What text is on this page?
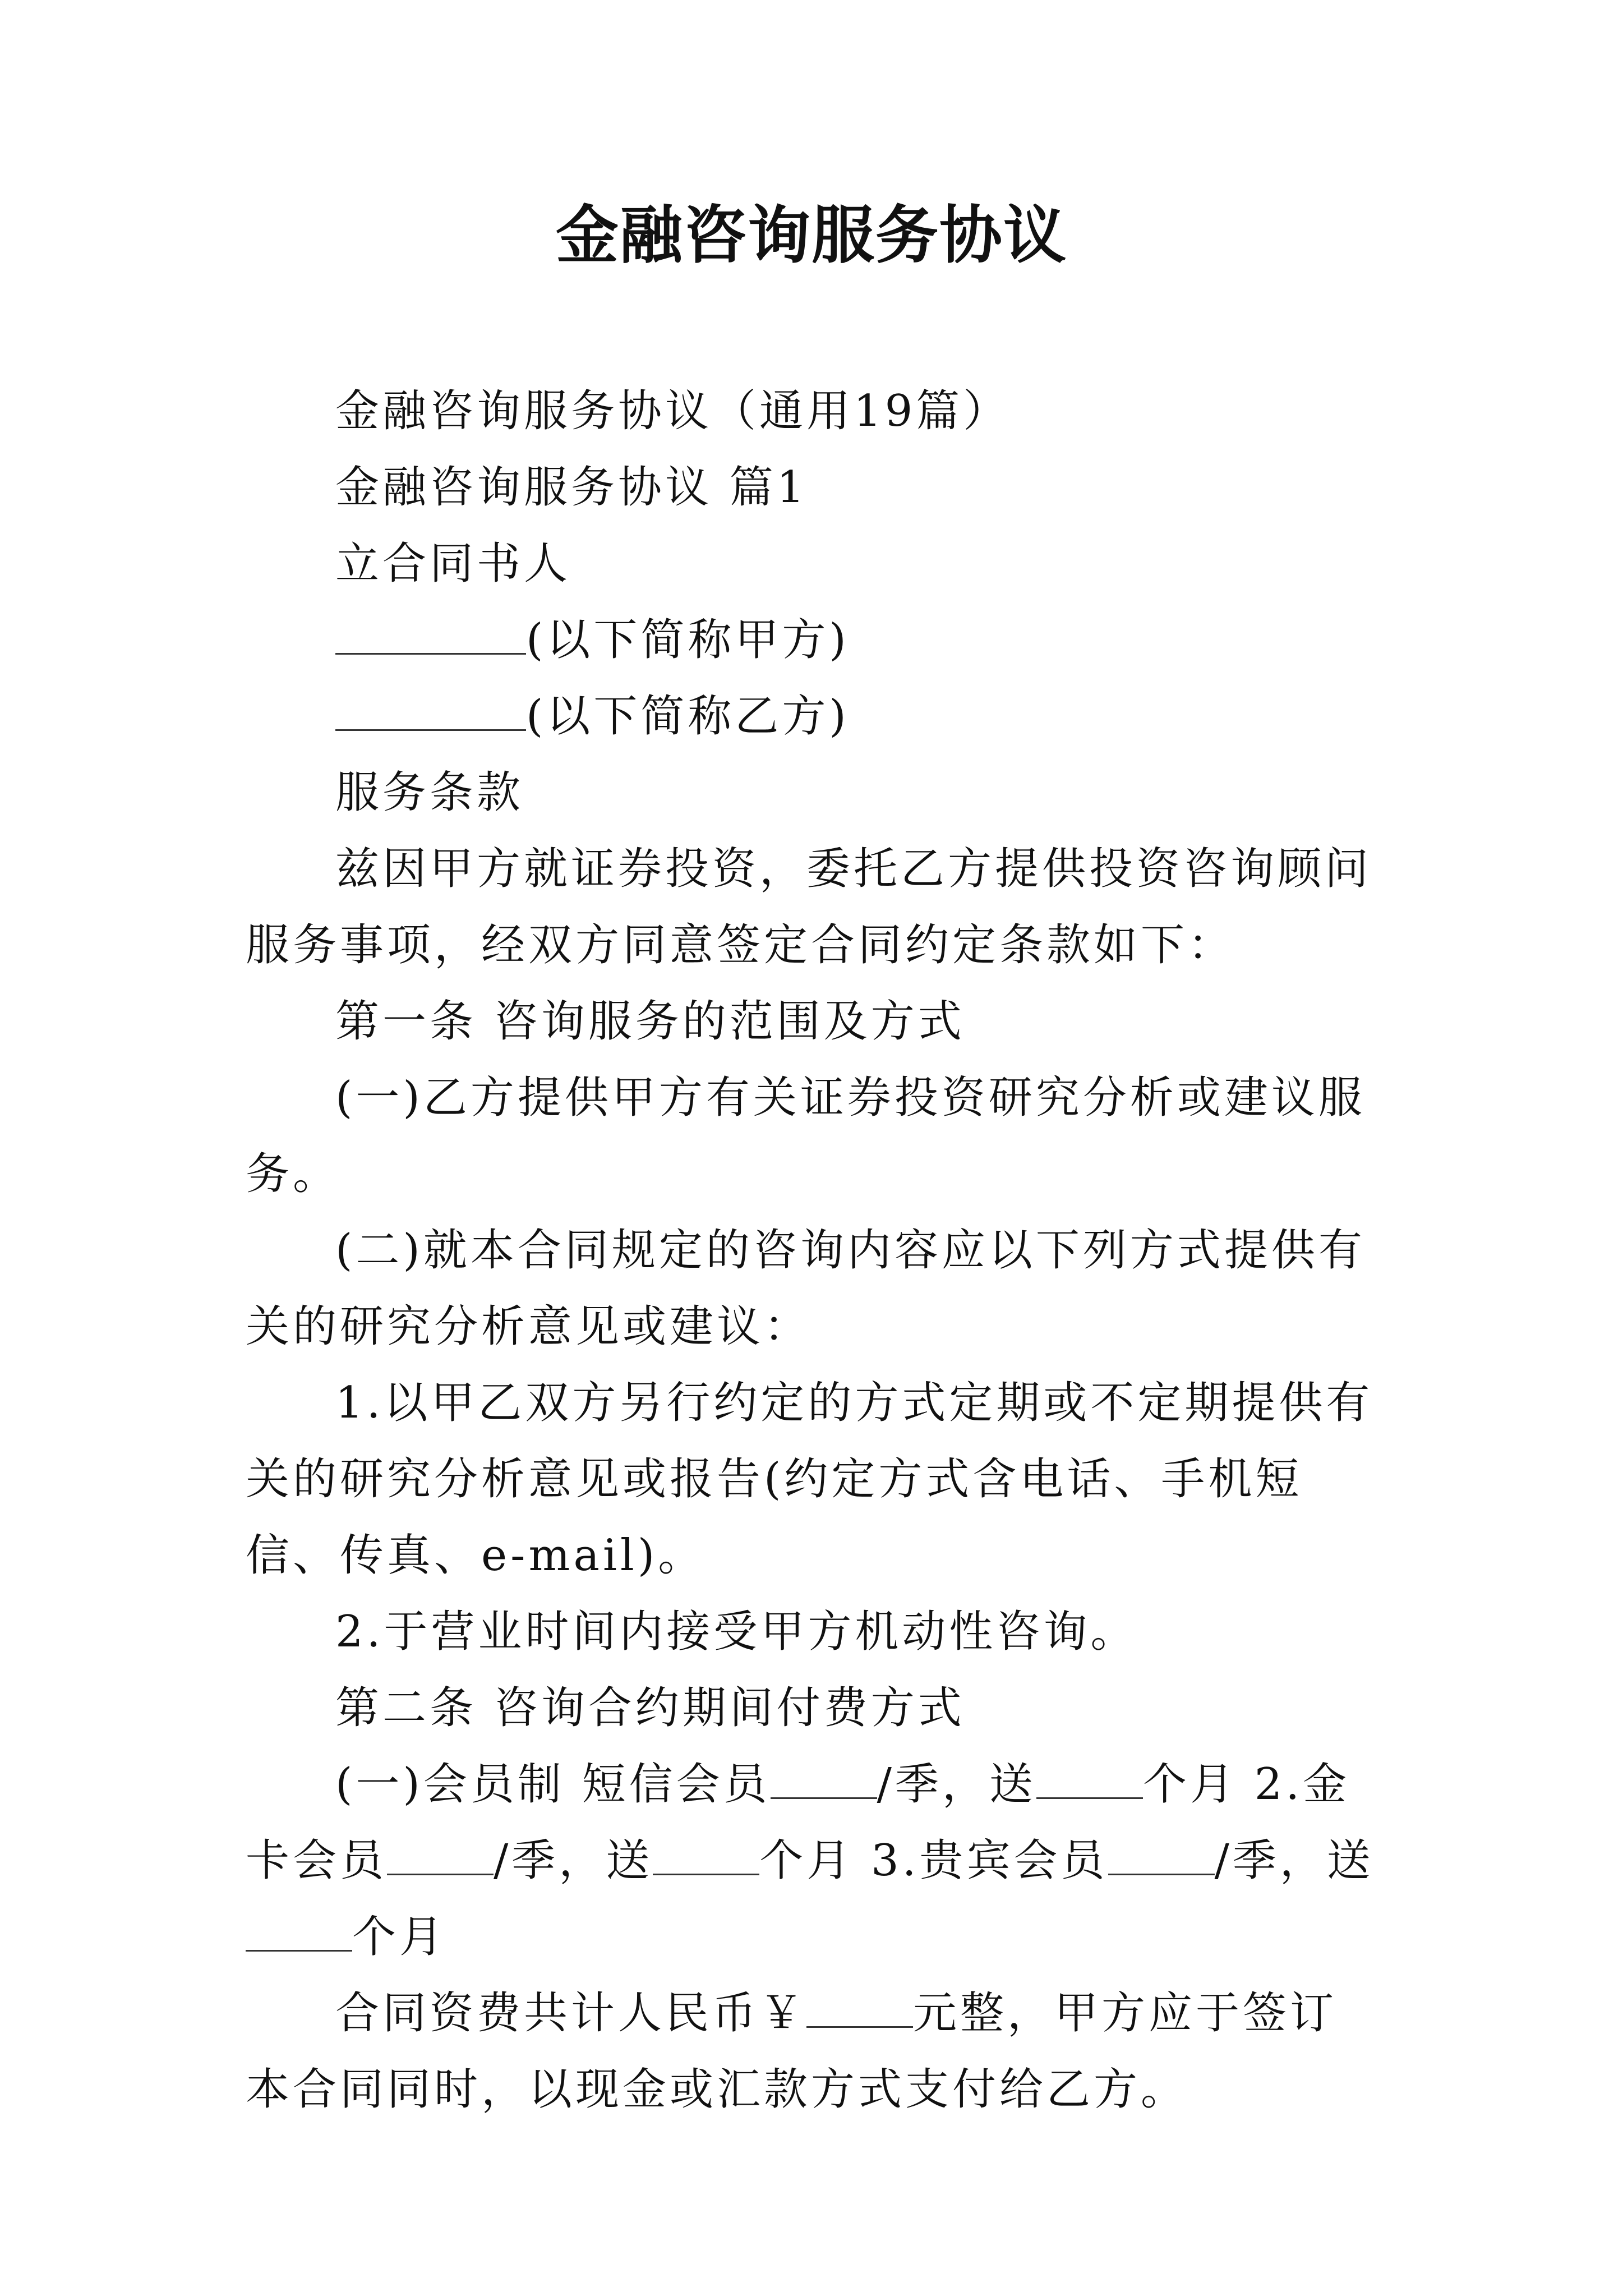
金融咨询服务协议

金融咨询服务协议（通用19篇）

金融咨询服务协议 篇1

立合同书人

(以下简称甲方)

(以下简称乙方)

服务条款

兹因甲方就证券投资，委托乙方提供投资咨询顾问服务事项，经双方同意签定合同约定条款如下：

第一条 咨询服务的范围及方式

(一)乙方提供甲方有关证券投资研究分析或建议服务。

(二)就本合同规定的咨询内容应以下列方式提供有关的研究分析意见或建议：

1.以甲乙双方另行约定的方式定期或不定期提供有关的研究分析意见或报告(约定方式含电话、手机短信、传真、e-mail)。

2.于营业时间内接受甲方机动性咨询。

第二条 咨询合约期间付费方式

(一)会员制 短信会员 /季，送 个月 2.金卡会员 /季，送 个月 3.贵宾会员 /季，送个月

合同资费共计人民币￥ 元整，甲方应于签订本合同同时，以现金或汇款方式支付给乙方。
